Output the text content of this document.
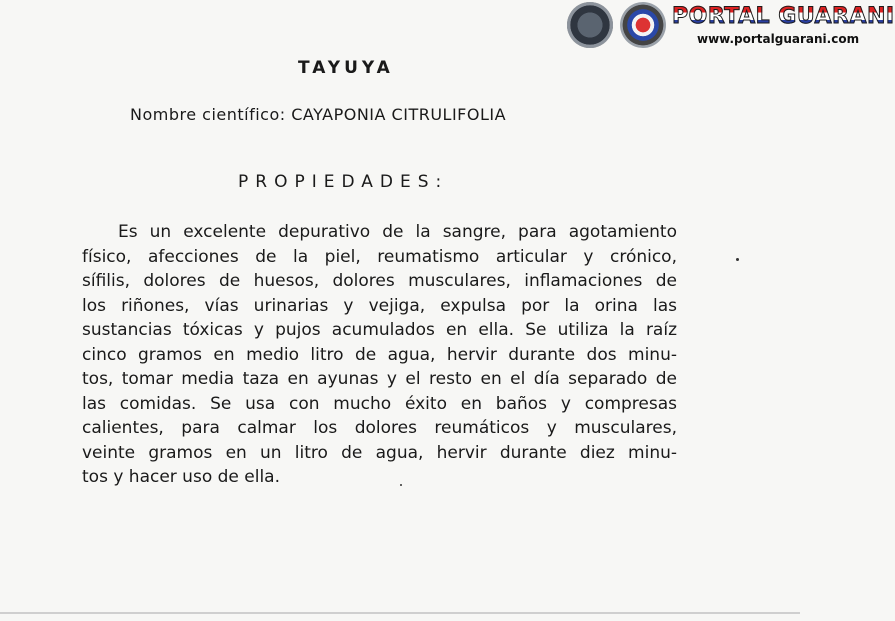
PORTAL GUARANI
www.portalguarani.com
TAYUYA
Nombre científico: CAYAPONIA CITRULIFOLIA
PROPIEDADES:
Es un excelente depurativo de la sangre, para agotamiento
físico, afecciones de la piel, reumatismo articular y crónico,
sífilis, dolores de huesos, dolores musculares, inflamaciones de
los riñones, vías urinarias y vejiga, expulsa por la orina las
sustancias tóxicas y pujos acumulados en ella. Se utiliza la raíz
cinco gramos en medio litro de agua, hervir durante dos minu-
tos, tomar media taza en ayunas y el resto en el día separado de
las comidas. Se usa con mucho éxito en baños y compresas
calientes, para calmar los dolores reumáticos y musculares,
veinte gramos en un litro de agua, hervir durante diez minu-
tos y hacer uso de ella.
